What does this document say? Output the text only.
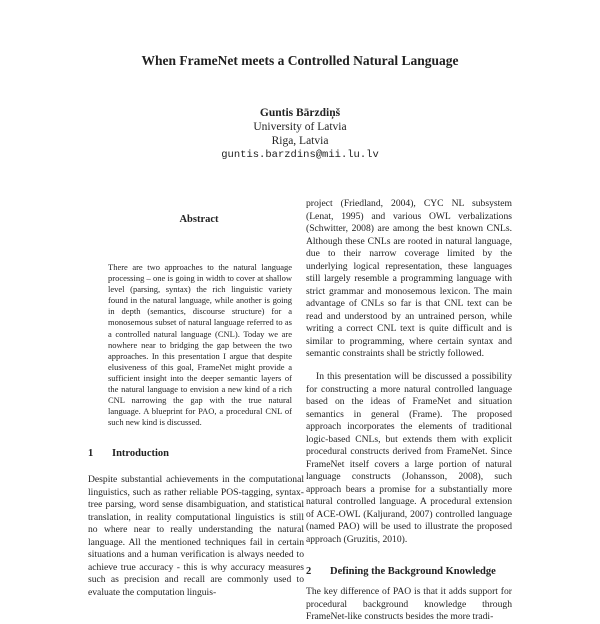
When FrameNet meets a Controlled Natural Language
Guntis Bārzdiņš
University of Latvia
Riga, Latvia
guntis.barzdins@mii.lu.lv
Abstract

There are two approaches to the natural language processing – one is going in width to cover at shallow level (parsing, syntax) the rich linguistic variety found in the natural language, while another is going in depth (semantics, discourse structure) for a monosemous subset of natural language referred to as a controlled natural language (CNL). Today we are nowhere near to bridging the gap between the two approaches. In this presentation I argue that despite elusiveness of this goal, FrameNet might provide a sufficient insight into the deeper semantic layers of the natural language to envision a new kind of a rich CNL narrowing the gap with the true natural language. A blueprint for PAO, a procedural CNL of such new kind is discussed.

1 Introduction

Despite substantial achievements in the computational linguistics, such as rather reliable POS-tagging, syntax-tree parsing, word sense disambiguation, and statistical translation, in reality computational linguistics is still no where near to really understanding the natural language. All the mentioned techniques fail in certain situations and a human verification is always needed to achieve true accuracy - this is why accuracy measures such as precision and recall are commonly used to evaluate the computation linguis-

project (Friedland, 2004), CYC NL subsystem (Lenat, 1995) and various OWL verbalizations (Schwitter, 2008) are among the best known CNLs. Although these CNLs are rooted in natural language, due to their narrow coverage limited by the underlying logical representation, these languages still largely resemble a programming language with strict grammar and monosemous lexicon. The main advantage of CNLs so far is that CNL text can be read and understood by an untrained person, while writing a correct CNL text is quite difficult and is similar to programming, where certain syntax and semantic constraints shall be strictly followed.

In this presentation will be discussed a possibility for constructing a more natural controlled language based on the ideas of FrameNet and situation semantics in general (Frame). The proposed approach incorporates the elements of traditional logic-based CNLs, but extends them with explicit procedural constructs derived from FrameNet. Since FrameNet itself covers a large portion of natural language constructs (Johansson, 2008), such approach bears a promise for a substantially more natural controlled language. A procedural extension of ACE-OWL (Kaljurand, 2007) controlled language (named PAO) will be used to illustrate the proposed approach (Gruzitis, 2010).

2 Defining the Background Knowledge

The key difference of PAO is that it adds support for procedural background knowledge through FrameNet-like constructs besides the more tradi-
